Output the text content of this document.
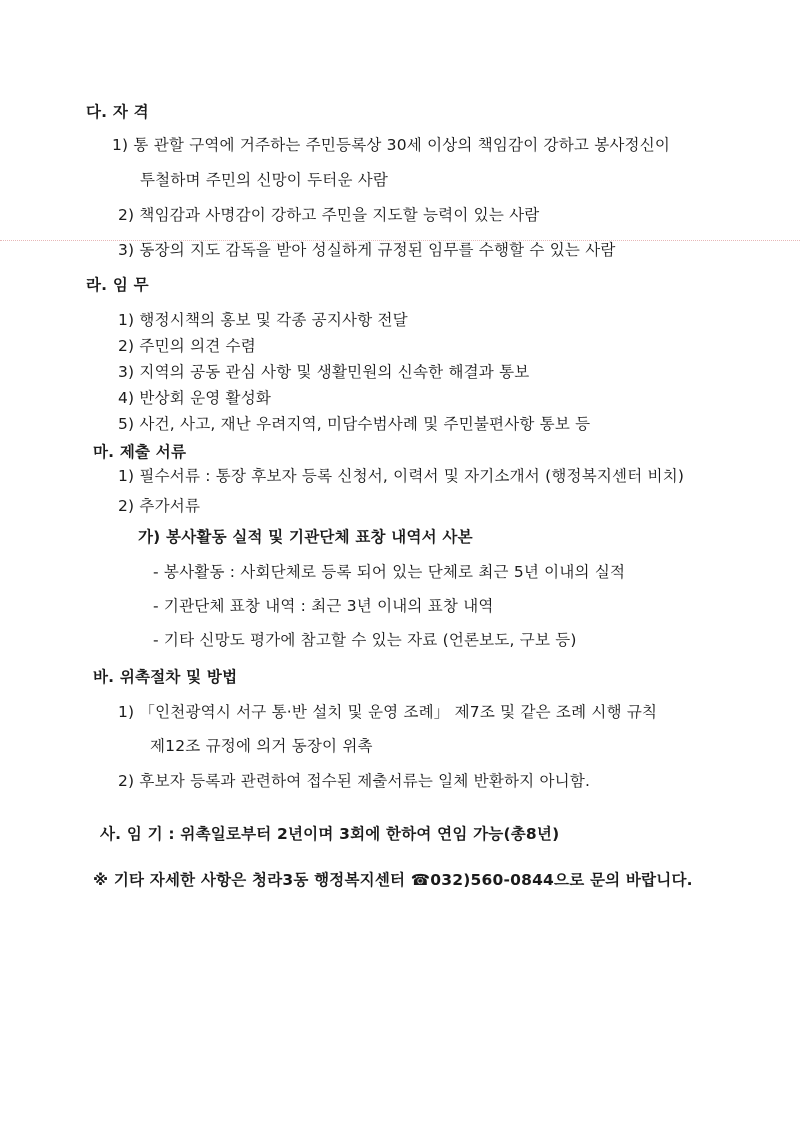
다. 자 격
1) 통 관할 구역에 거주하는 주민등록상 30세 이상의 책임감이 강하고 봉사정신이
투철하며 주민의 신망이 두터운 사람
2) 책임감과 사명감이 강하고 주민을 지도할 능력이 있는 사람
3) 동장의 지도 감독을 받아 성실하게 규정된 임무를 수행할 수 있는 사람
라. 임 무
1) 행정시책의 홍보 및 각종 공지사항 전달
2) 주민의 의견 수렴
3) 지역의 공동 관심 사항 및 생활민원의 신속한 해결과 통보
4) 반상회 운영 활성화
5) 사건, 사고, 재난 우려지역, 미담수범사례 및 주민불편사항 통보 등
마. 제출 서류
1) 필수서류 : 통장 후보자 등록 신청서, 이력서 및 자기소개서 (행정복지센터 비치)
2) 추가서류
가) 봉사활동 실적 및 기관단체 표창 내역서 사본
- 봉사활동 : 사회단체로 등록 되어 있는 단체로 최근 5년 이내의 실적
- 기관단체 표창 내역 : 최근 3년 이내의 표창 내역
- 기타 신망도 평가에 참고할 수 있는 자료 (언론보도, 구보 등)
바. 위촉절차 및 방법
1) 「인천광역시 서구 통·반 설치 및 운영 조례」 제7조 및 같은 조례 시행 규칙
제12조 규정에 의거 동장이 위촉
2) 후보자 등록과 관련하여 접수된 제출서류는 일체 반환하지 아니함.
사. 임 기 : 위촉일로부터 2년이며 3회에 한하여 연임 가능(총8년)
※ 기타 자세한 사항은 청라3동 행정복지센터 ☎032)560-0844으로 문의 바랍니다.
